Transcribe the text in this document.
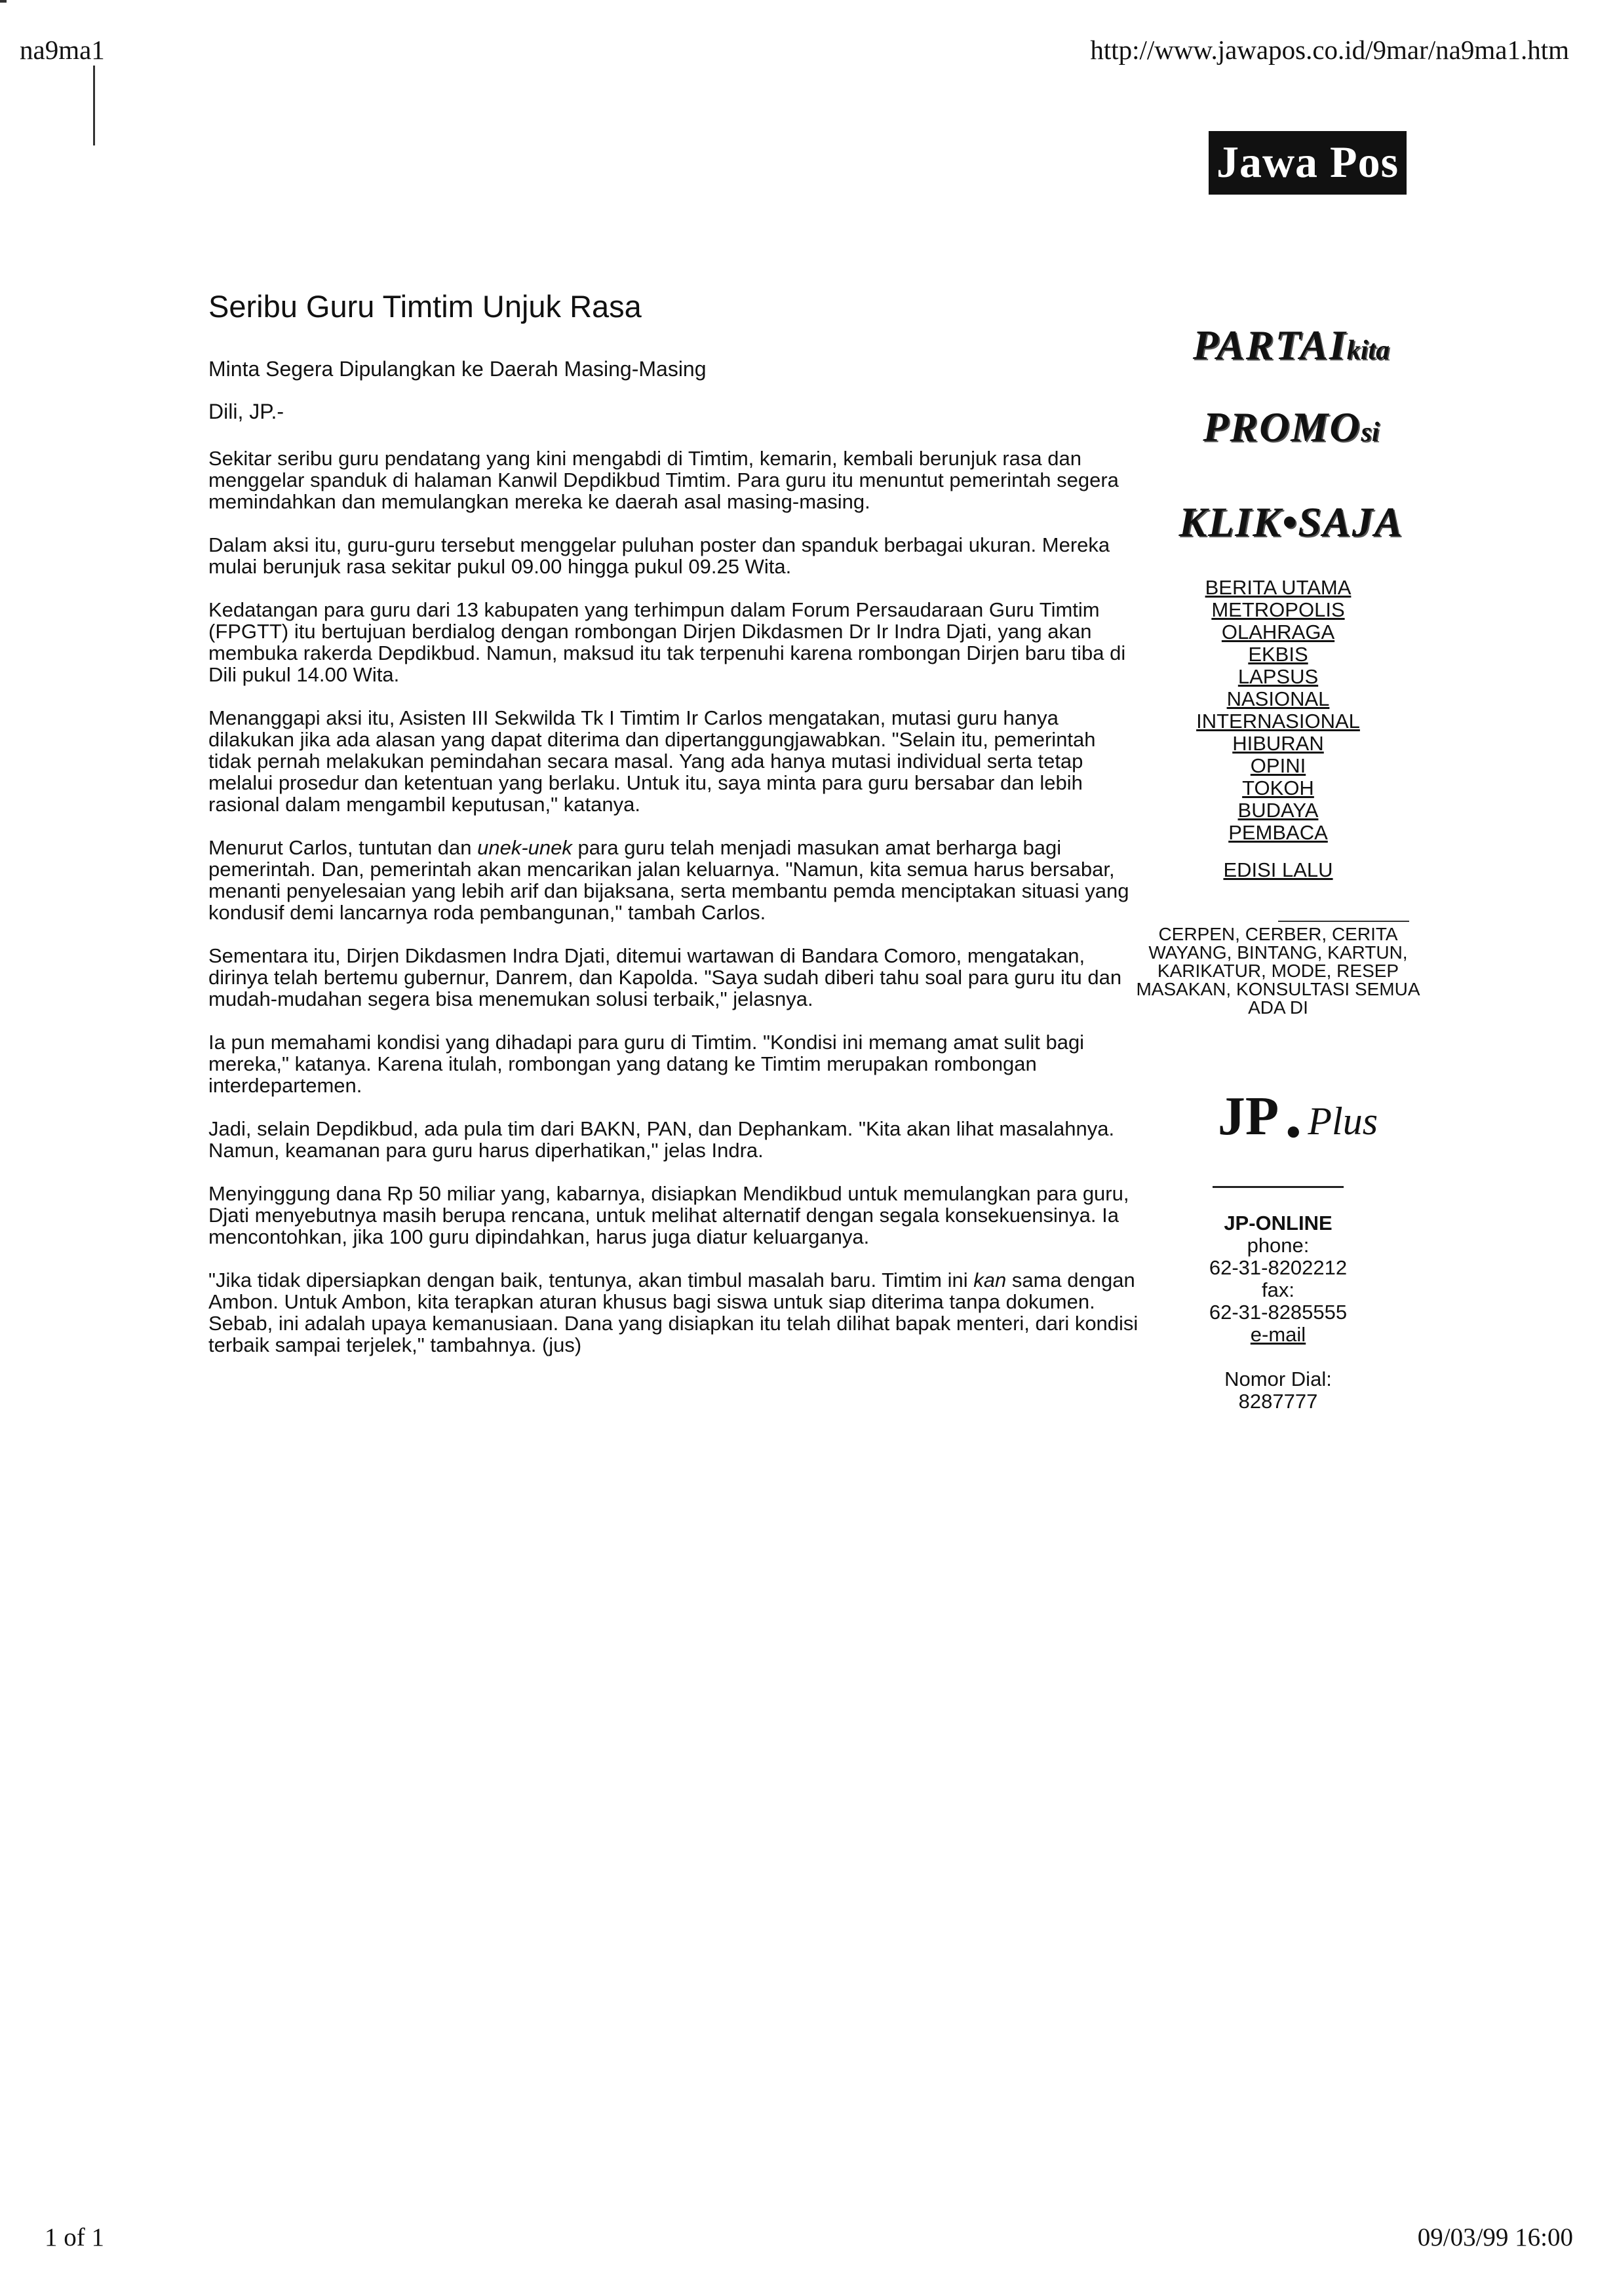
na9ma1	http://www.jawapos.co.id/9mar/na9ma1.htm
Seribu Guru Timtim Unjuk Rasa
Minta Segera Dipulangkan ke Daerah Masing-Masing
Dili, JP.-

Sekitar seribu guru pendatang yang kini mengabdi di Timtim, kemarin, kembali berunjuk rasa dan menggelar spanduk di halaman Kanwil Depdikbud Timtim. Para guru itu menuntut pemerintah segera memindahkan dan memulangkan mereka ke daerah asal masing-masing.

Dalam aksi itu, guru-guru tersebut menggelar puluhan poster dan spanduk berbagai ukuran. Mereka mulai berunjuk rasa sekitar pukul 09.00 hingga pukul 09.25 Wita.

Kedatangan para guru dari 13 kabupaten yang terhimpun dalam Forum Persaudaraan Guru Timtim (FPGTT) itu bertujuan berdialog dengan rombongan Dirjen Dikdasmen Dr Ir Indra Djati, yang akan membuka rakerda Depdikbud. Namun, maksud itu tak terpenuhi karena rombongan Dirjen baru tiba di Dili pukul 14.00 Wita.

Menanggapi aksi itu, Asisten III Sekwilda Tk I Timtim Ir Carlos mengatakan, mutasi guru hanya dilakukan jika ada alasan yang dapat diterima dan dipertanggungjawabkan. "Selain itu, pemerintah tidak pernah melakukan pemindahan secara masal. Yang ada hanya mutasi individual serta tetap melalui prosedur dan ketentuan yang berlaku. Untuk itu, saya minta para guru bersabar dan lebih rasional dalam mengambil keputusan," katanya.

Menurut Carlos, tuntutan dan unek-unek para guru telah menjadi masukan amat berharga bagi pemerintah. Dan, pemerintah akan mencarikan jalan keluarnya. "Namun, kita semua harus bersabar, menanti penyelesaian yang lebih arif dan bijaksana, serta membantu pemda menciptakan situasi yang kondusif demi lancarnya roda pembangunan," tambah Carlos.

Sementara itu, Dirjen Dikdasmen Indra Djati, ditemui wartawan di Bandara Comoro, mengatakan, dirinya telah bertemu gubernur, Danrem, dan Kapolda. "Saya sudah diberi tahu soal para guru itu dan mudah-mudahan segera bisa menemukan solusi terbaik," jelasnya.

Ia pun memahami kondisi yang dihadapi para guru di Timtim. "Kondisi ini memang amat sulit bagi mereka," katanya. Karena itulah, rombongan yang datang ke Timtim merupakan rombongan interdepartemen.

Jadi, selain Depdikbud, ada pula tim dari BAKN, PAN, dan Dephankam. "Kita akan lihat masalahnya. Namun, keamanan para guru harus diperhatikan," jelas Indra.

Menyinggung dana Rp 50 miliar yang, kabarnya, disiapkan Mendikbud untuk memulangkan para guru, Djati menyebutnya masih berupa rencana, untuk melihat alternatif dengan segala konsekuensinya. Ia mencontohkan, jika 100 guru dipindahkan, harus juga diatur keluarganya.

"Jika tidak dipersiapkan dengan baik, tentunya, akan timbul masalah baru. Timtim ini kan sama dengan Ambon. Untuk Ambon, kita terapkan aturan khusus bagi siswa untuk siap diterima tanpa dokumen. Sebab, ini adalah upaya kemanusiaan. Dana yang disiapkan itu telah dilihat bapak menteri, dari kondisi terbaik sampai terjelek," tambahnya. (jus)

Jawa Pos
PARTAIkita
PROMOsi
KLIK•SAJA
BERITA UTAMA
METROPOLIS
OLAHRAGA
EKBIS
LAPSUS
NASIONAL
INTERNASIONAL
HIBURAN
OPINI
TOKOH
BUDAYA
PEMBACA
EDISI LALU
CERPEN, CERBER, CERITA WAYANG, BINTANG, KARTUN, KARIKATUR, MODE, RESEP MASAKAN, KONSULTASI SEMUA ADA DI
JP ● Plus
JP-ONLINE
phone:
62-31-8202212
fax:
62-31-8285555
e-mail
Nomor Dial:
8287777
1 of 1	09/03/99 16:00
